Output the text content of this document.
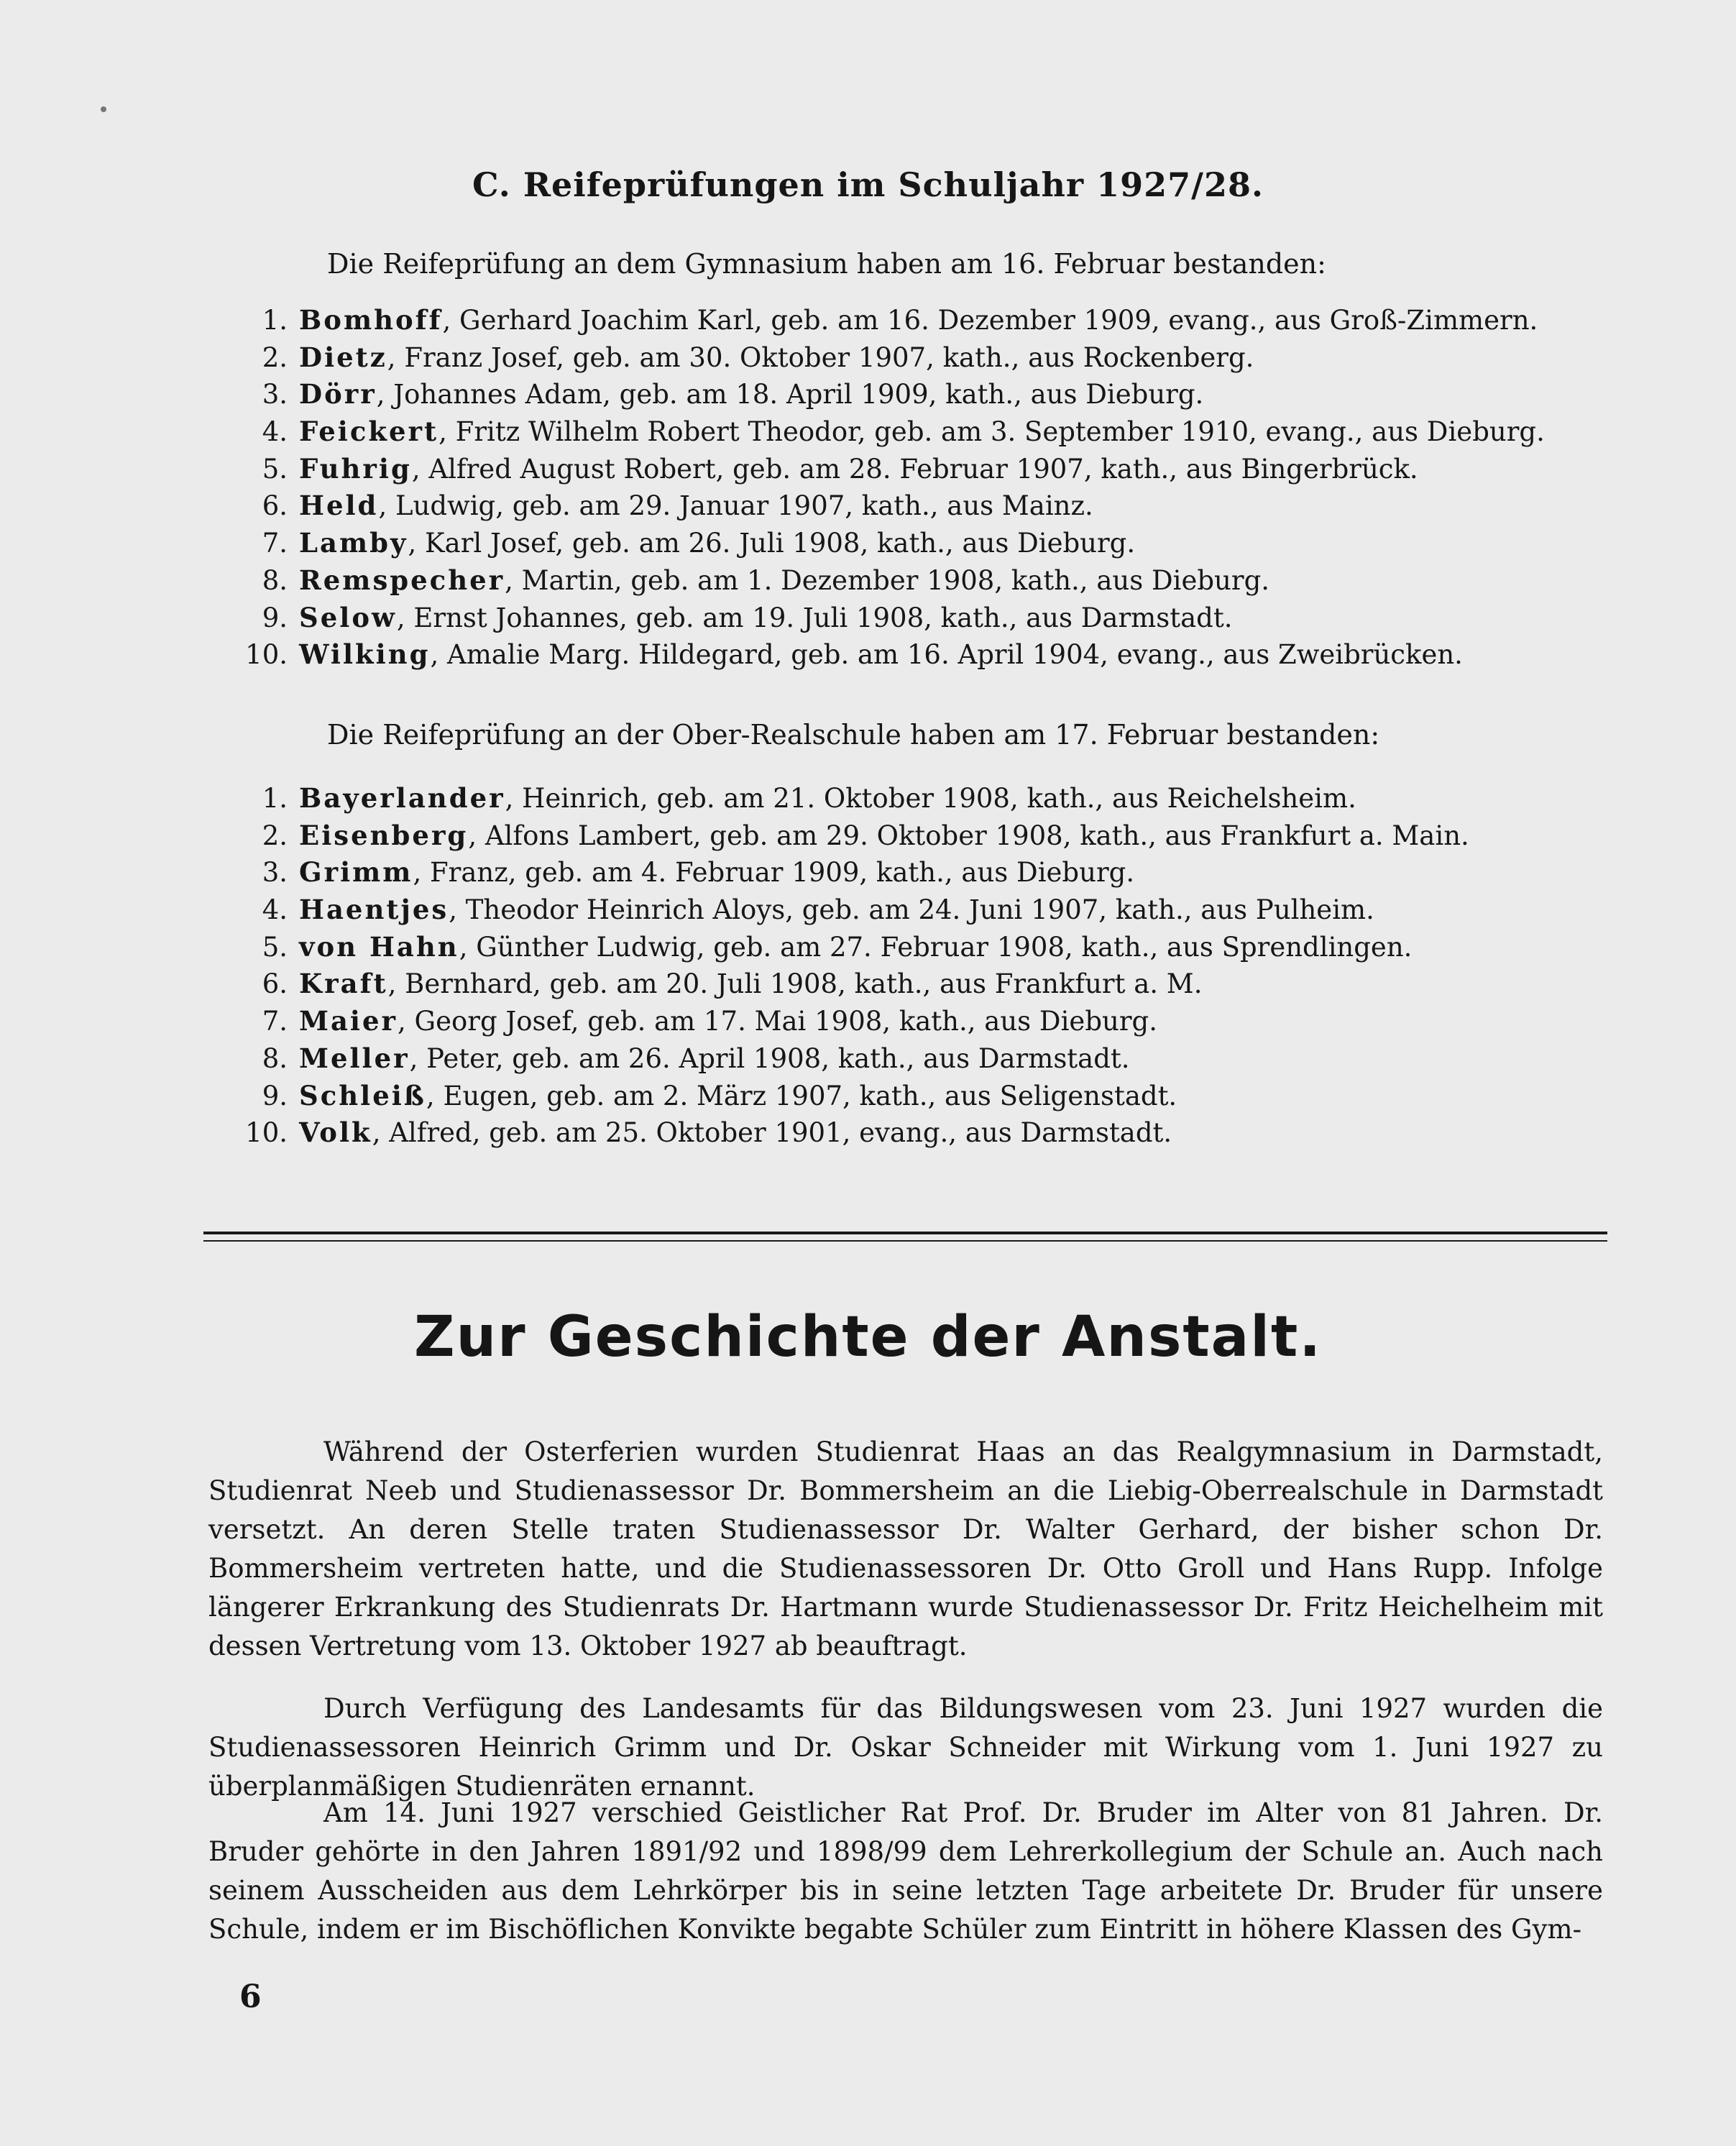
C. Reifeprüfungen im Schuljahr 1927/28.
Die Reifeprüfung an dem Gymnasium haben am 16. Februar bestanden:
1. Bomhoff , Gerhard Joachim Karl, geb. am 16. Dezember 1909, evang., aus Groß-Zimmern.
2. Dietz , Franz Josef, geb. am 30. Oktober 1907, kath., aus Rockenberg.
3. Dörr , Johannes Adam, geb. am 18. April 1909, kath., aus Dieburg.
4. Feickert , Fritz Wilhelm Robert Theodor, geb. am 3. September 1910, evang., aus Dieburg.
5. Fuhrig , Alfred August Robert, geb. am 28. Februar 1907, kath., aus Bingerbrück.
6. Held , Ludwig, geb. am 29. Januar 1907, kath., aus Mainz.
7. Lamby , Karl Josef, geb. am 26. Juli 1908, kath., aus Dieburg.
8. Remspecher , Martin, geb. am 1. Dezember 1908, kath., aus Dieburg.
9. Selow , Ernst Johannes, geb. am 19. Juli 1908, kath., aus Darmstadt.
10. Wilking , Amalie Marg. Hildegard, geb. am 16. April 1904, evang., aus Zweibrücken.
Die Reifeprüfung an der Ober-Realschule haben am 17. Februar bestanden:
1. Bayerlander , Heinrich, geb. am 21. Oktober 1908, kath., aus Reichelsheim.
2. Eisenberg , Alfons Lambert, geb. am 29. Oktober 1908, kath., aus Frankfurt a. Main.
3. Grimm , Franz, geb. am 4. Februar 1909, kath., aus Dieburg.
4. Haentjes , Theodor Heinrich Aloys, geb. am 24. Juni 1907, kath., aus Pulheim.
5. von Hahn , Günther Ludwig, geb. am 27. Februar 1908, kath., aus Sprendlingen.
6. Kraft , Bernhard, geb. am 20. Juli 1908, kath., aus Frankfurt a. M.
7. Maier , Georg Josef, geb. am 17. Mai 1908, kath., aus Dieburg.
8. Meller , Peter, geb. am 26. April 1908, kath., aus Darmstadt.
9. Schleiß , Eugen, geb. am 2. März 1907, kath., aus Seligenstadt.
10. Volk , Alfred, geb. am 25. Oktober 1901, evang., aus Darmstadt.
Zur Geschichte der Anstalt.

Während der Osterferien wurden Studienrat Haas an das Realgymnasium in Darmstadt, Studienrat Neeb und Studienassessor Dr. Bommersheim an die Liebig-Oberrealschule in Darmstadt versetzt. An deren Stelle traten Studienassessor Dr. Walter Gerhard, der bisher schon Dr. Bommersheim vertreten hatte, und die Studienassessoren Dr. Otto Groll und Hans Rupp. Infolge längerer Erkrankung des Studienrats Dr. Hartmann wurde Studienassessor Dr. Fritz Heichelheim mit dessen Vertretung vom 13. Oktober 1927 ab beauftragt.

Durch Verfügung des Landesamts für das Bildungswesen vom 23. Juni 1927 wurden die Studienassessoren Heinrich Grimm und Dr. Oskar Schneider mit Wirkung vom 1. Juni 1927 zu überplanmäßigen Studienräten ernannt.

Am 14. Juni 1927 verschied Geistlicher Rat Prof. Dr. Bruder im Alter von 81 Jahren. Dr. Bruder gehörte in den Jahren 1891/92 und 1898/99 dem Lehrerkollegium der Schule an. Auch nach seinem Ausscheiden aus dem Lehrkörper bis in seine letzten Tage arbeitete Dr. Bruder für unsere Schule, indem er im Bischöflichen Konvikte begabte Schüler zum Eintritt in höhere Klassen des Gym-

6
